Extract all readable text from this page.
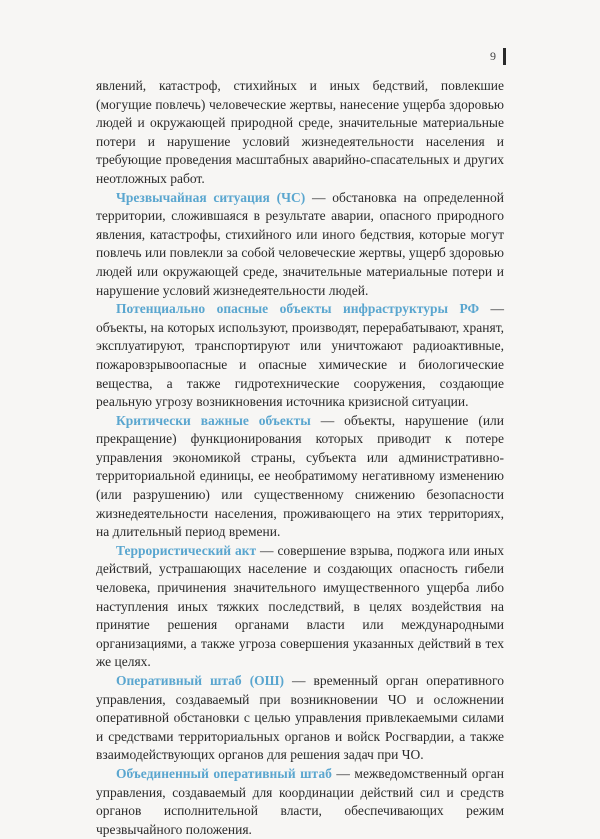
9

явлений, катастроф, стихийных и иных бедствий, повлекшие (могущие повлечь) человеческие жертвы, нанесение ущерба здоровью людей и окружающей природной среде, значительные материальные потери и нарушение условий жизнедеятельности населения и требующие проведения масштабных аварийно-спасательных и других неотложных работ.

Чрезвычайная ситуация (ЧС) — обстановка на определенной территории, сложившаяся в результате аварии, опасного природного явления, катастрофы, стихийного или иного бедствия, которые могут повлечь или повлекли за собой человеческие жертвы, ущерб здоровью людей или окружающей среде, значительные материальные потери и нарушение условий жизнедеятельности людей.

Потенциально опасные объекты инфраструктуры РФ — объекты, на которых используют, производят, перерабатывают, хранят, эксплуатируют, транспортируют или уничтожают радиоактивные, пожаровзрывоопасные и опасные химические и биологические вещества, а также гидротехнические сооружения, создающие реальную угрозу возникновения источника кризисной ситуации.

Критически важные объекты — объекты, нарушение (или прекращение) функционирования которых приводит к потере управления экономикой страны, субъекта или административно-территориальной единицы, ее необратимому негативному изменению (или разрушению) или существенному снижению безопасности жизнедеятельности населения, проживающего на этих территориях, на длительный период времени.

Террористический акт — совершение взрыва, поджога или иных действий, устрашающих население и создающих опасность гибели человека, причинения значительного имущественного ущерба либо наступления иных тяжких последствий, в целях воздействия на принятие решения органами власти или международными организациями, а также угроза совершения указанных действий в тех же целях.

Оперативный штаб (ОШ) — временный орган оперативного управления, создаваемый при возникновении ЧО и осложнении оперативной обстановки с целью управления привлекаемыми силами и средствами территориальных органов и войск Росгвардии, а также взаимодействующих органов для решения задач при ЧО.

Объединенный оперативный штаб — межведомственный орган управления, создаваемый для координации действий сил и средств органов исполнительной власти, обеспечивающих режим чрезвычайного положения.
